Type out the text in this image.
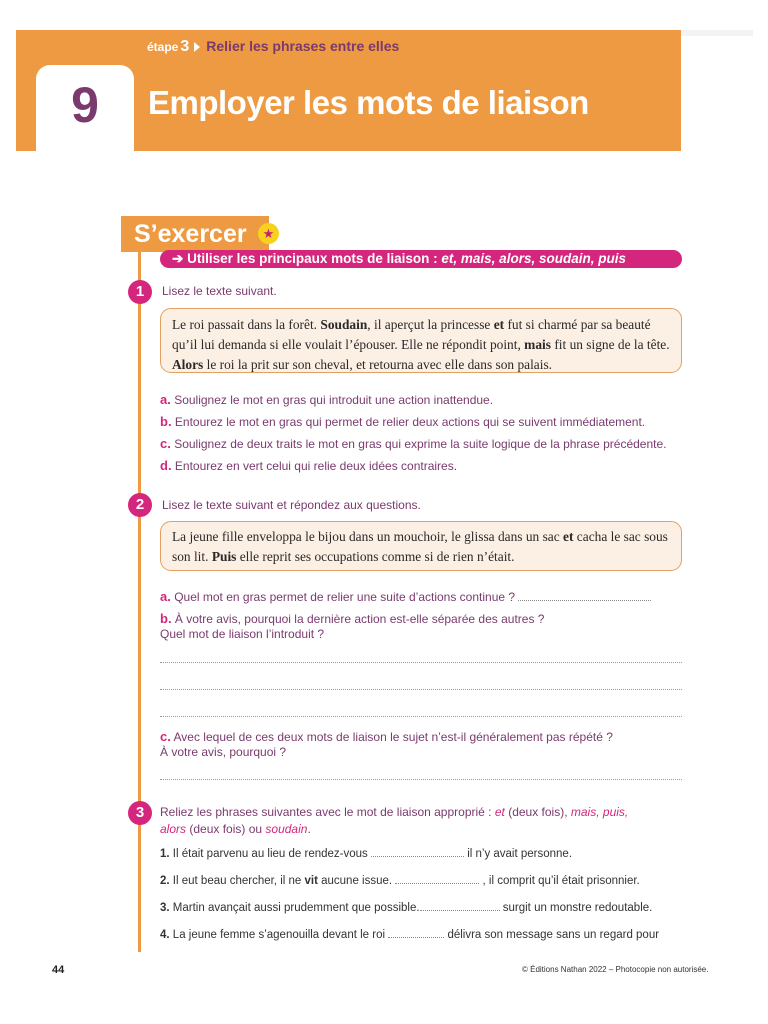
étape 3 Relier les phrases entre elles
9	Employer les mots de liaison
S’exercer	★
➔ Utiliser les principaux mots de liaison : et, mais, alors, soudain, puis
1	Lisez le texte suivant.
Le roi passait dans la forêt. Soudain, il aperçut la princesse et fut si charmé par sa beauté qu’il lui demanda si elle voulait l’épouser. Elle ne répondit point, mais fit un signe de la tête. Alors le roi la prit sur son cheval, et retourna avec elle dans son palais.
a. Soulignez le mot en gras qui introduit une action inattendue.
b. Entourez le mot en gras qui permet de relier deux actions qui se suivent immédiatement.
c. Soulignez de deux traits le mot en gras qui exprime la suite logique de la phrase précédente.
d. Entourez en vert celui qui relie deux idées contraires.
2	Lisez le texte suivant et répondez aux questions.
La jeune fille enveloppa le bijou dans un mouchoir, le glissa dans un sac et cacha le sac sous son lit. Puis elle reprit ses occupations comme si de rien n’était.
a. Quel mot en gras permet de relier une suite d’actions continue ?
b. À votre avis, pourquoi la dernière action est-elle séparée des autres ?
Quel mot de liaison l’introduit ?
c. Avec lequel de ces deux mots de liaison le sujet n’est-il généralement pas répété ?
À votre avis, pourquoi ?
3	Reliez les phrases suivantes avec le mot de liaison approprié : et (deux fois), mais, puis,
alors (deux fois) ou soudain.
1. Il était parvenu au lieu de rendez-vous	il n’y avait personne.
2. Il eut beau chercher, il ne vit aucune issue.	, il comprit qu’il était prisonnier.
3. Martin avançait aussi prudemment que possible.	surgit un monstre redoutable.
4. La jeune femme s’agenouilla devant le roi	délivra son message sans un regard pour
44	© Éditions Nathan 2022 – Photocopie non autorisée.
